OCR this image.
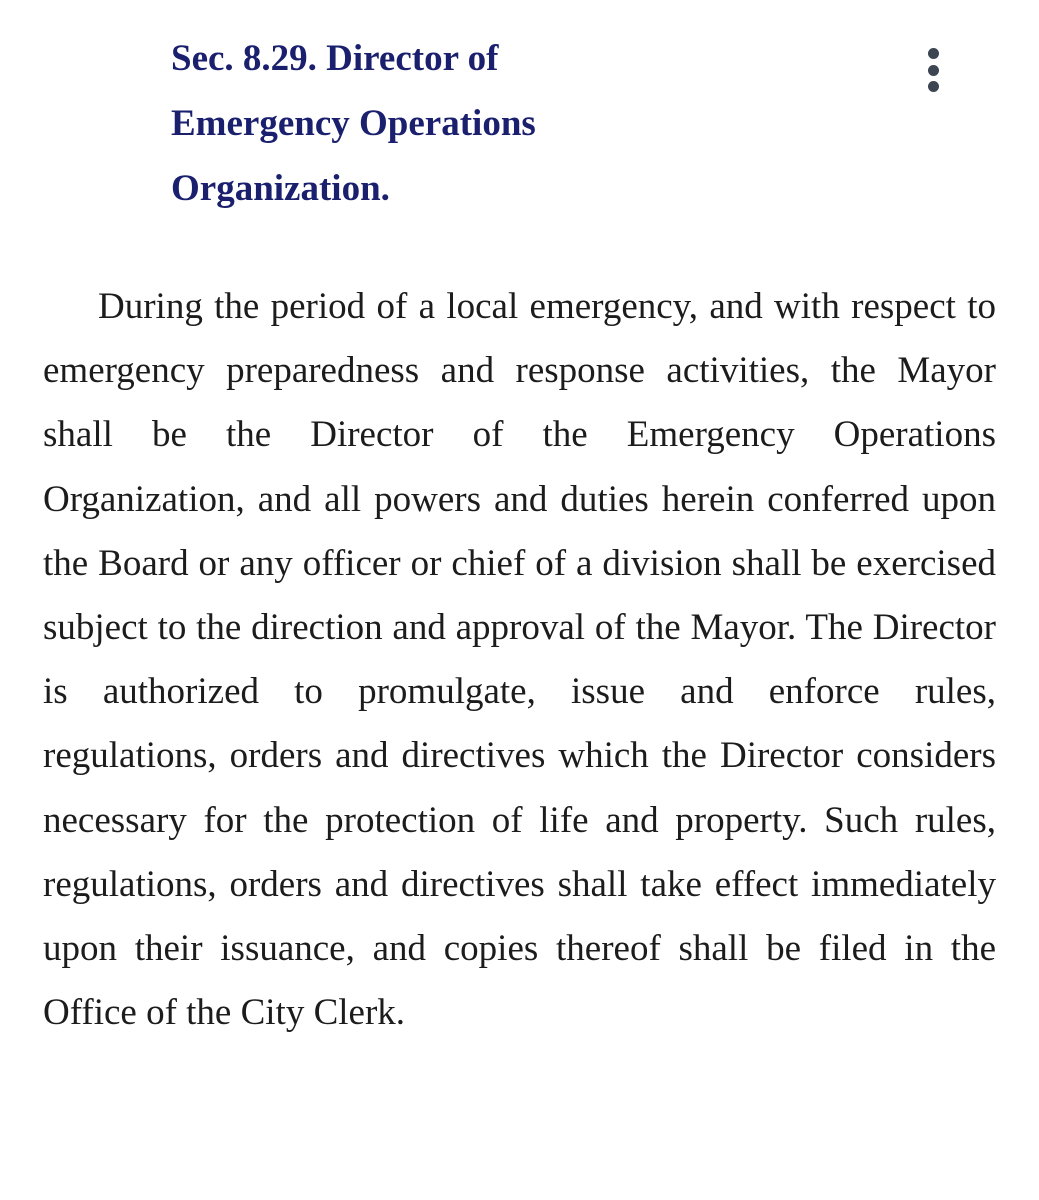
Sec. 8.29. Director of Emergency Operations Organization.

During the period of a local emergency, and with respect to emergency preparedness and response activities, the Mayor shall be the Director of the Emergency Operations Organization, and all powers and duties herein conferred upon the Board or any officer or chief of a division shall be exercised subject to the direction and approval of the Mayor. The Director is authorized to promulgate, issue and enforce rules, regulations, orders and directives which the Director considers necessary for the protection of life and property. Such rules, regulations, orders and directives shall take effect immediately upon their issuance, and copies thereof shall be filed in the Office of the City Clerk.
